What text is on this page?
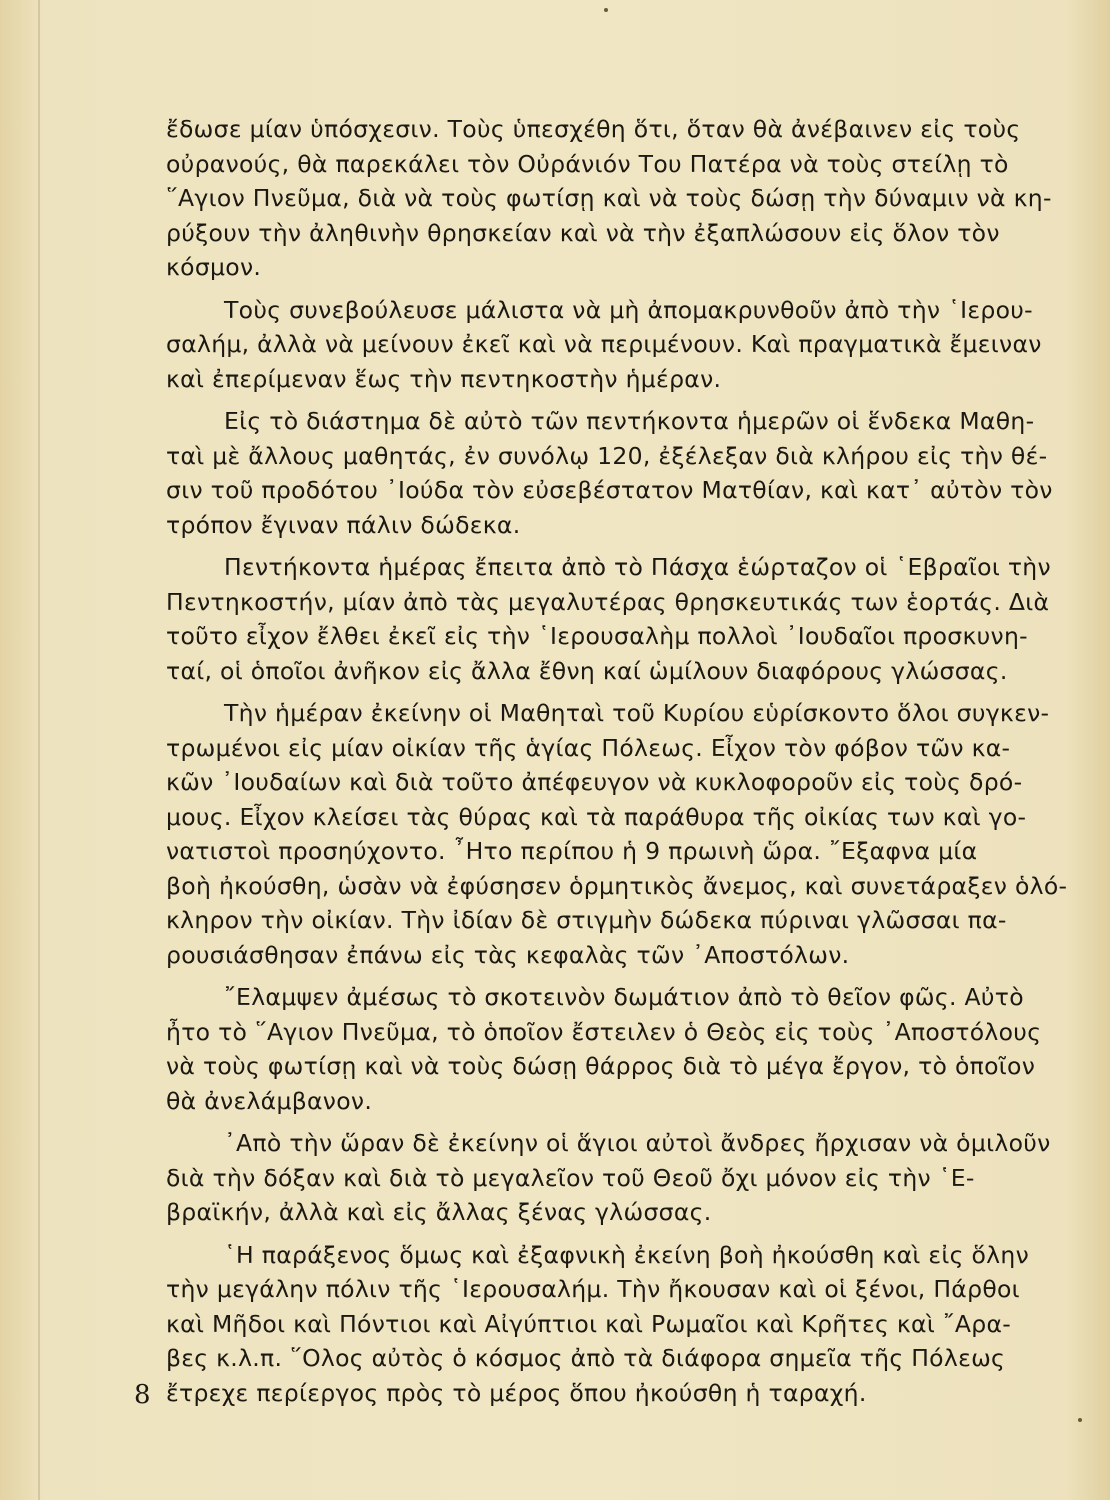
ἔδωσε μίαν ὑπόσχεσιν. Τοὺς ὑπεσχέθη ὅτι, ὅταν θὰ ἀνέβαινεν εἰς τοὺς
οὐρανούς, θὰ παρεκάλει τὸν Οὐράνιόν Του Πατέρα νὰ τοὺς στείλῃ τὸ
῞Αγιον Πνεῦμα, διὰ νὰ τοὺς φωτίσῃ καὶ νὰ τοὺς δώσῃ τὴν δύναμιν νὰ κη-
ρύξουν τὴν ἀληθινὴν θρησκείαν καὶ νὰ τὴν ἐξαπλώσουν εἰς ὅλον τὸν
κόσμον.
Τοὺς συνεβούλευσε μάλιστα νὰ μὴ ἀπομακρυνθοῦν ἀπὸ τὴν ῾Ιερου-
σαλήμ, ἀλλὰ νὰ μείνουν ἐκεῖ καὶ νὰ περιμένουν. Καὶ πραγματικὰ ἔμειναν
καὶ ἐπερίμεναν ἕως τὴν πεντηκοστὴν ἡμέραν.
Εἰς τὸ διάστημα δὲ αὐτὸ τῶν πεντήκοντα ἡμερῶν οἱ ἕνδεκα Μαθη-
ταὶ μὲ ἄλλους μαθητάς, ἐν συνόλῳ 120, ἐξέλεξαν διὰ κλήρου εἰς τὴν θέ-
σιν τοῦ προδότου ᾿Ιούδα τὸν εὐσεβέστατον Ματθίαν, καὶ κατ᾿ αὐτὸν τὸν
τρόπον ἔγιναν πάλιν δώδεκα.
Πεντήκοντα ἡμέρας ἔπειτα ἀπὸ τὸ Πάσχα ἑώρταζον οἱ ῾Εβραῖοι τὴν
Πεντηκοστήν, μίαν ἀπὸ τὰς μεγαλυτέρας θρησκευτικάς των ἑορτάς. Διὰ
τοῦτο εἶχον ἔλθει ἐκεῖ εἰς τὴν ῾Ιερουσαλὴμ πολλοὶ ᾿Ιουδαῖοι προσκυνη-
ταί, οἱ ὁποῖοι ἀνῆκον εἰς ἄλλα ἔθνη καί ὡμίλουν διαφόρους γλώσσας.
Τὴν ἡμέραν ἐκείνην οἱ Μαθηταὶ τοῦ Κυρίου εὑρίσκοντο ὅλοι συγκεν-
τρωμένοι εἰς μίαν οἰκίαν τῆς ἁγίας Πόλεως. Εἶχον τὸν φόβον τῶν κα-
κῶν ᾿Ιουδαίων καὶ διὰ τοῦτο ἀπέφευγον νὰ κυκλοφοροῦν εἰς τοὺς δρό-
μους. Εἶχον κλείσει τὰς θύρας καὶ τὰ παράθυρα τῆς οἰκίας των καὶ γο-
νατιστοὶ προσηύχοντο. ῏Ητο περίπου ἡ 9 πρωινὴ ὥρα. ῎Εξαφνα μία
βοὴ ἠκούσθη, ὡσὰν νὰ ἐφύσησεν ὁρμητικὸς ἄνεμος, καὶ συνετάραξεν ὁλό-
κληρον τὴν οἰκίαν. Τὴν ἰδίαν δὲ στιγμὴν δώδεκα πύριναι γλῶσσαι πα-
ρουσιάσθησαν ἐπάνω εἰς τὰς κεφαλὰς τῶν ᾿Αποστόλων.
῎Ελαμψεν ἀμέσως τὸ σκοτεινὸν δωμάτιον ἀπὸ τὸ θεῖον φῶς. Αὐτὸ
ἦτο τὸ ῞Αγιον Πνεῦμα, τὸ ὁποῖον ἔστειλεν ὁ Θεὸς εἰς τοὺς ᾿Αποστόλους
νὰ τοὺς φωτίσῃ καὶ νὰ τοὺς δώσῃ θάρρος διὰ τὸ μέγα ἔργον, τὸ ὁποῖον
θὰ ἀνελάμβανον.
᾿Απὸ τὴν ὥραν δὲ ἐκείνην οἱ ἅγιοι αὐτοὶ ἄνδρες ἤρχισαν νὰ ὁμιλοῦν
διὰ τὴν δόξαν καὶ διὰ τὸ μεγαλεῖον τοῦ Θεοῦ ὄχι μόνον εἰς τὴν ῾Ε-
βραϊκήν, ἀλλὰ καὶ εἰς ἄλλας ξένας γλώσσας.
῾Η παράξενος ὅμως καὶ ἐξαφνικὴ ἐκείνη βοὴ ἠκούσθη καὶ εἰς ὅλην
τὴν μεγάλην πόλιν τῆς ῾Ιερουσαλήμ. Τὴν ἤκουσαν καὶ οἱ ξένοι, Πάρθοι
καὶ Μῆδοι καὶ Πόντιοι καὶ Αἰγύπτιοι καὶ Ρωμαῖοι καὶ Κρῆτες καὶ ῎Αρα-
βες κ.λ.π. ῞Ολος αὐτὸς ὁ κόσμος ἀπὸ τὰ διάφορα σημεῖα τῆς Πόλεως
ἔτρεχε περίεργος πρὸς τὸ μέρος ὅπου ἠκούσθη ἡ ταραχή.
8
